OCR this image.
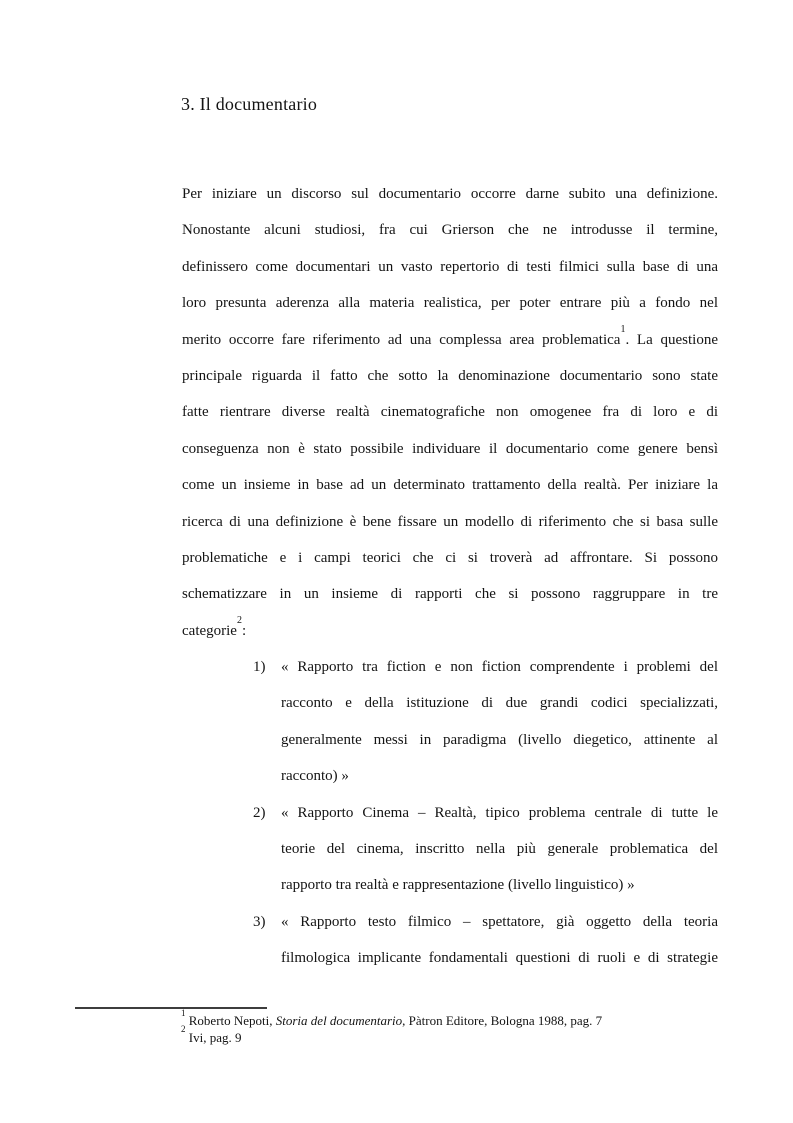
3. Il documentario
Per iniziare un discorso sul documentario occorre darne subito una definizione.
Nonostante alcuni studiosi, fra cui Grierson che ne introdusse il termine,
definissero come documentari un vasto repertorio di testi filmici sulla base di una
loro presunta aderenza alla materia realistica, per poter entrare più a fondo nel
merito occorre fare riferimento ad una complessa area problematica$^1$. La questione
principale riguarda il fatto che sotto la denominazione documentario sono state
fatte rientrare diverse realtà cinematografiche non omogenee fra di loro e di
conseguenza non è stato possibile individuare il documentario come genere bensì
come un insieme in base ad un determinato trattamento della realtà. Per iniziare la
ricerca di una definizione è bene fissare un modello di riferimento che si basa sulle
problematiche e i campi teorici che ci si troverà ad affrontare. Si possono
schematizzare in un insieme di rapporti che si possono raggruppare in tre
categorie$^2$:
1) « Rapporto tra fiction e non fiction comprendente i problemi del
racconto e della istituzione di due grandi codici specializzati,
generalmente messi in paradigma (livello diegetico, attinente al
racconto) »
2) « Rapporto Cinema – Realtà, tipico problema centrale di tutte le
teorie del cinema, inscritto nella più generale problematica del
rapporto tra realtà e rappresentazione (livello linguistico) »
3) « Rapporto testo filmico – spettatore, già oggetto della teoria
filmologica implicante fondamentali questioni di ruoli e di strategie
$^1$ Roberto Nepoti, Storia del documentario, Pàtron Editore, Bologna 1988, pag. 7
$^2$ Ivi, pag. 9
